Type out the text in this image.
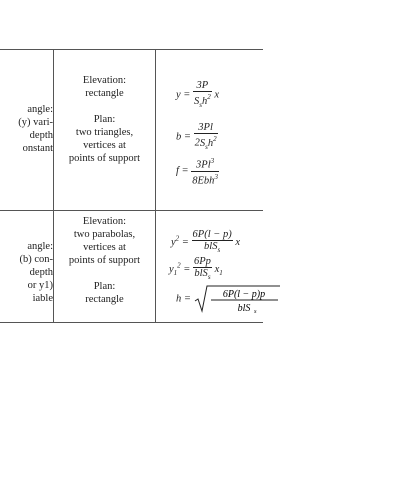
angle:
(y) vari-
depth
onstant
Elevation:
rectangle
Plan:
two triangles,
vertices at
points of support
$y = \frac{3P}{S_sh^2}$ x
$b = \frac{3Pl}{2S_sh^2}$
$f = \frac{3Pl^3}{8Ebh^3}$
angle:
(b) con-
depth
or y1)
iable
Elevation:
two parabolas,
vertices at
points of support
Plan:
rectangle
$y^2 = \frac{6P(l - p)}{blS_s}$ x
$y_1^2 = \frac{6Pp}{blS_s} x_1$
h =	6P(l − p)p
blS s
